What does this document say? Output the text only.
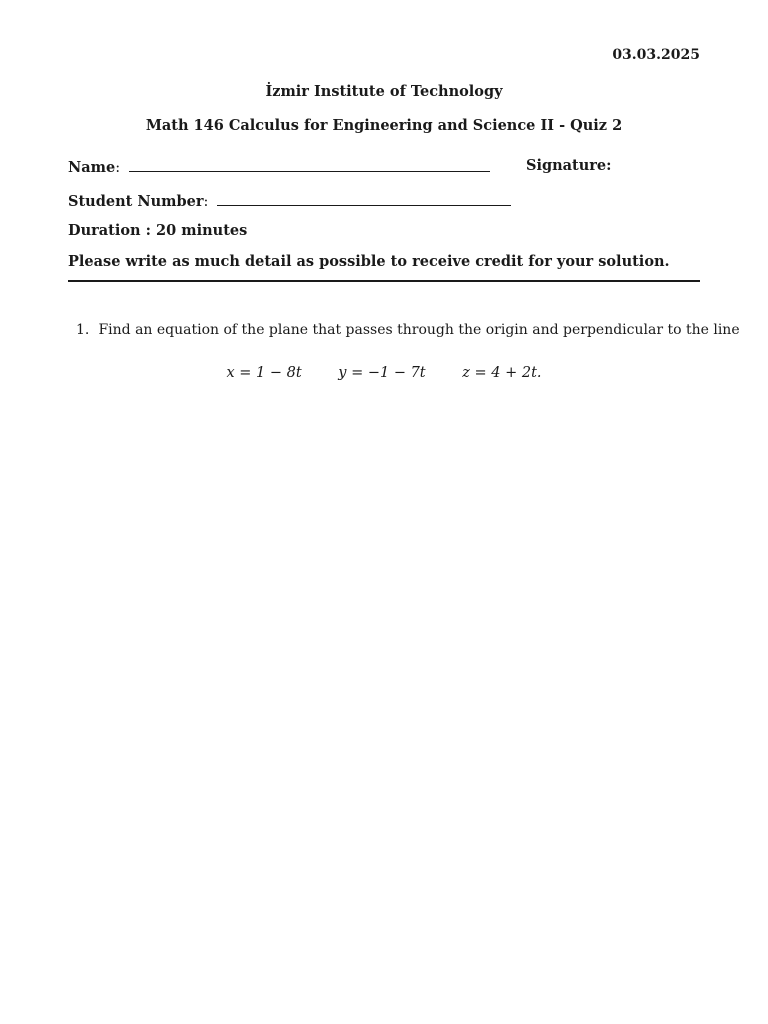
03.03.2025
İzmir Institute of Technology
Math 146 Calculus for Engineering and Science II - Quiz 2
Name:	Signature:
Student Number:
Duration : 20 minutes
Please write as much detail as possible to receive credit for your solution.
1. Find an equation of the plane that passes through the origin and perpendicular to the line
x = 1 − 8t	y = −1 − 7t	z = 4 + 2t.
